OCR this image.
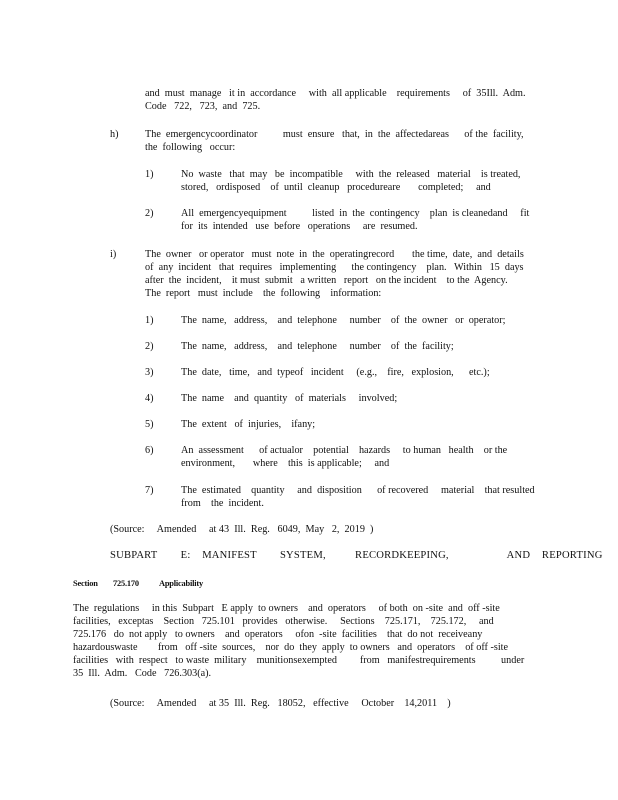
and  must  manage   it in  accordance     with  all applicable    requirements     of  35Ill.  Adm.

Code   722,   723,  and  725.

h)	The  emergencycoordinator          must  ensure   that,  in  the  affectedareas      of the  facility,

the  following   occur:

1)	No  waste   that  may   be  incompatible     with  the  released   material    is treated,

stored,   ordisposed    of  until  cleanup   procedureare       completed;     and

2)	All  emergencyequipment          listed  in  the  contingency    plan  is cleanedand     fit

for  its  intended   use  before   operations     are  resumed.

i)	The  owner   or operator   must  note  in  the  operatingrecord       the time,  date,  and  details

of  any  incident   that  requires   implementing      the contingency    plan.   Within   15  days

after  the  incident,    it must  submit   a written   report   on the incident    to the  Agency.

The  report   must  include    the  following    information:

1)	The  name,   address,    and  telephone     number    of  the  owner   or  operator;

2)	The  name,   address,    and  telephone     number    of  the  facility;

3)	The  date,   time,   and  typeof   incident     (e.g.,    fire,   explosion,      etc.);

4)	The  name    and  quantity   of  materials     involved;

5)	The  extent   of  injuries,    ifany;

6)	An  assessment      of actualor    potential    hazards     to human   health    or the

environment,       where    this  is applicable;     and

7)	The  estimated    quantity     and  disposition      of recovered     material    that resulted

from    the  incident.

(Source:     Amended     at 43  Ill.  Reg.   6049,  May   2,  2019  )

SUBPART    E:  MANIFEST    SYSTEM,     RECORDKEEPING,          AND  REPORTING

Section 725.170 Applicability

The  regulations     in this  Subpart   E apply  to owners    and  operators     of both  on -site  and  off -site

facilities,   exceptas    Section   725.101   provides   otherwise.     Sections    725.171,    725.172,     and

725.176   do  not apply   to owners    and  operators     ofon  -site  facilities    that  do not  receiveany

hazardouswaste        from   off -site  sources,    nor  do  they  apply  to owners   and  operators    of off -site

facilities   with  respect   to waste  military    munitionsexempted         from   manifestrequirements          under

35  Ill.  Adm.   Code   726.303(a).

(Source:     Amended     at 35  Ill.  Reg.   18052,   effective     October    14,2011    )
